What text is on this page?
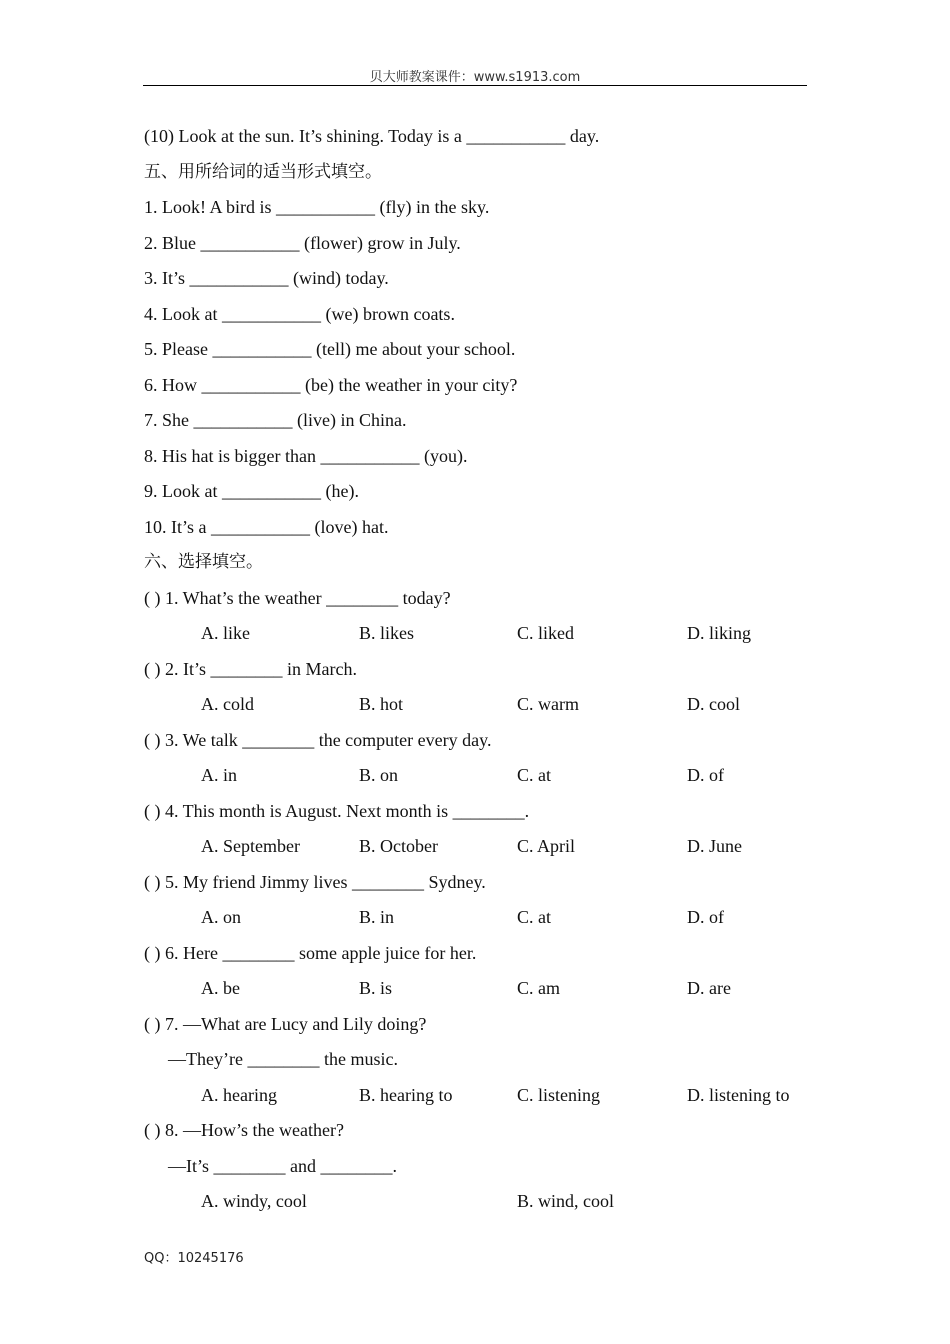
贝大师教案课件：www.s1913.com
(10) Look at the sun. It’s shining. Today is a ___________ day.
五、用所给词的适当形式填空。
1. Look! A bird is ___________ (fly) in the sky.
2. Blue ___________ (flower) grow in July.
3. It’s ___________ (wind) today.
4. Look at ___________ (we) brown coats.
5. Please ___________ (tell) me about your school.
6. How ___________ (be) the weather in your city?
7. She ___________ (live) in China.
8. His hat is bigger than ___________ (you).
9. Look at ___________ (he).
10. It’s a ___________ (love) hat.
六、选择填空。
( ) 1. What’s the weather ________ today?
A. like	B. likes	C. liked	D. liking
( ) 2. It’s ________ in March.
A. cold	B. hot	C. warm	D. cool
( ) 3. We talk ________ the computer every day.
A. in	B. on	C. at	D. of
( ) 4. This month is August. Next month is ________.
A. September	B. October	C. April	D. June
( ) 5. My friend Jimmy lives ________ Sydney.
A. on	B. in	C. at	D. of
( ) 6. Here ________ some apple juice for her.
A. be	B. is	C. am	D. are
( ) 7. —What are Lucy and Lily doing?
—They’re ________ the music.
A. hearing	B. hearing to	C. listening	D. listening to
( ) 8. —How’s the weather?
—It’s ________ and ________.
A. windy, cool	B. wind, cool
QQ：10245176
